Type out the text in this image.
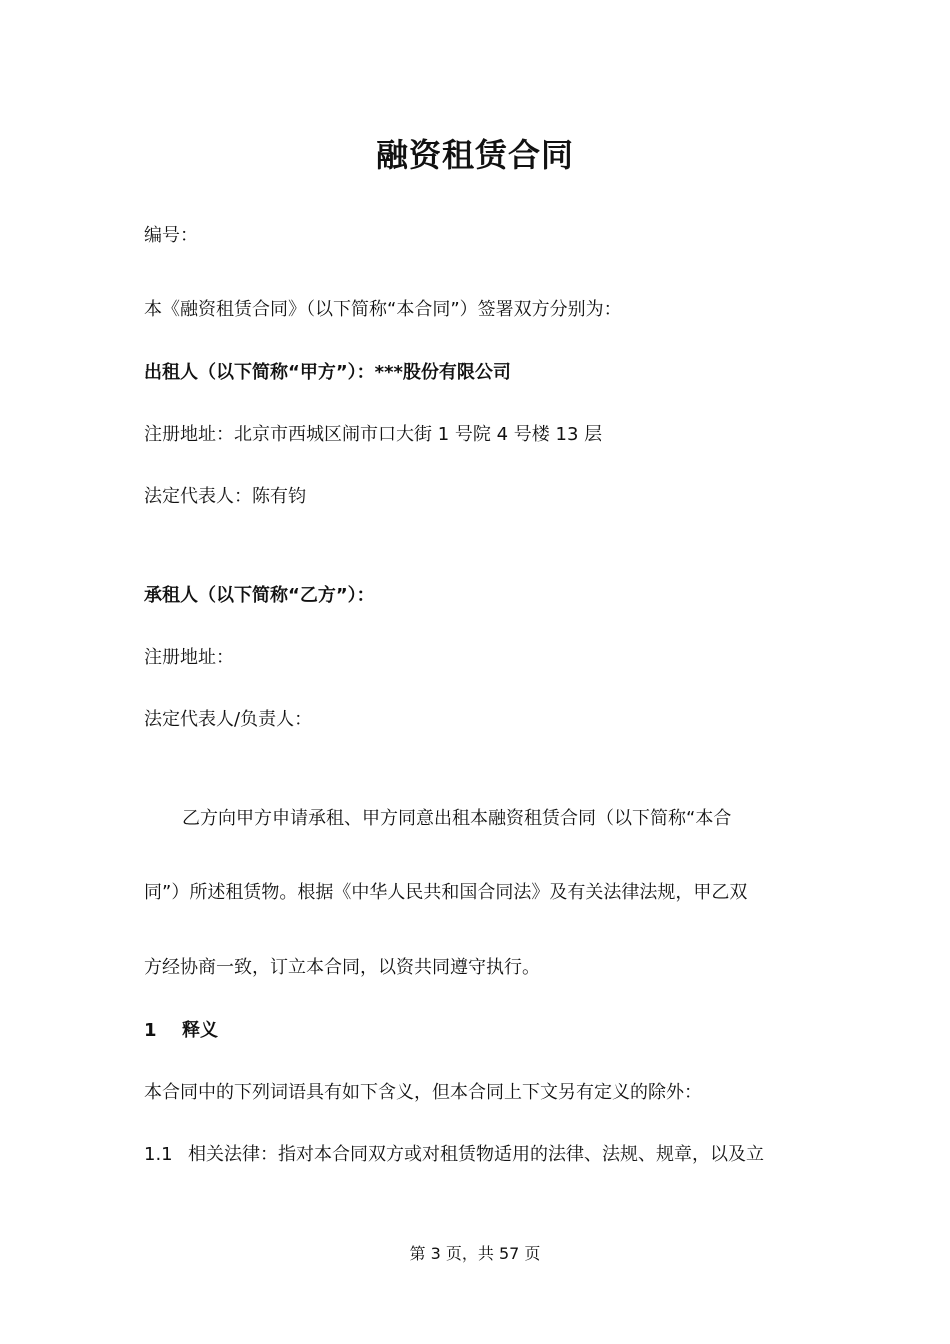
融资租赁合同
编号：
本《融资租赁合同》（以下简称“本合同”）签署双方分别为：
出租人（以下简称“甲方”）：***股份有限公司
注册地址：北京市西城区闹市口大街 1 号院 4 号楼 13 层
法定代表人：陈有钧
承租人（以下简称“乙方”）：
注册地址：
法定代表人/负责人：
乙方向甲方申请承租、甲方同意出租本融资租赁合同（以下简称“本合
同”）所述租赁物。根据《中华人民共和国合同法》及有关法律法规，甲乙双
方经协商一致，订立本合同，以资共同遵守执行。
1 释义
本合同中的下列词语具有如下含义，但本合同上下文另有定义的除外：
1.1 相关法律：指对本合同双方或对租赁物适用的法律、法规、规章，以及立
第 3 页，共 57 页
